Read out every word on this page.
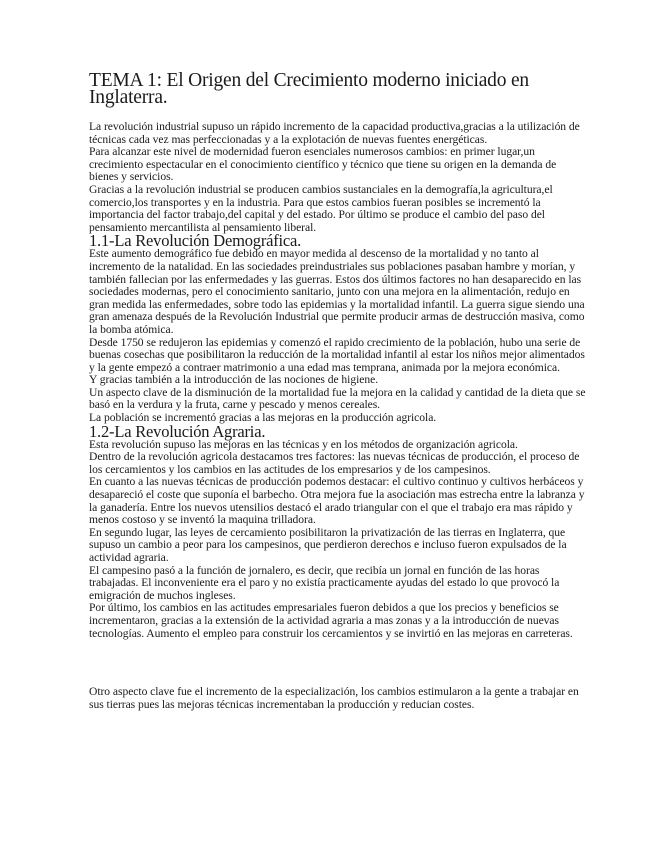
TEMA 1: El Origen del Crecimiento moderno iniciado en Inglaterra.

La revolución industrial supuso un rápido incremento de la capacidad productiva,gracias a la utilización de técnicas cada vez mas perfeccionadas y a la explotación de nuevas fuentes energéticas.

Para alcanzar este nivel de modernidad fueron esenciales numerosos cambios: en primer lugar,un crecimiento espectacular en el conocimiento científico y técnico que tiene su origen en la demanda de bienes y servicios.

Gracias a la revolución industrial se producen cambios sustanciales en la demografía,la agricultura,el comercio,los transportes y en la industria. Para que estos cambios fueran posibles se incrementó la importancia del factor trabajo,del capital y del estado. Por último se produce el cambio del paso del pensamiento mercantilista al pensamiento liberal.

1.1-La Revolución Demográfica.

Este aumento demográfico fue debido en mayor medida al descenso de la mortalidad y no tanto al incremento de la natalidad. En las sociedades preindustriales sus poblaciones pasaban hambre y morían, y también fallecian por las enfermedades y las guerras. Estos dos últimos factores no han desaparecido en las sociedades modernas, pero el conocimiento sanitario, junto con una mejora en la alimentación, redujo en gran medida las enfermedades, sobre todo las epidemias y la mortalidad infantil. La guerra sigue siendo una gran amenaza después de la Revolución Industrial que permite producir armas de destrucción masiva, como la bomba atómica.

Desde 1750 se redujeron las epidemias y comenzó el rapido crecimiento de la población, hubo una serie de buenas cosechas que posibilitaron la reducción de la mortalidad infantil al estar los niños mejor alimentados y la gente empezó a contraer matrimonio a una edad mas temprana, animada por la mejora económica.

Y gracias también a la introducción de las nociones de higiene.

Un aspecto clave de la disminución de la mortalidad fue la mejora en la calidad y cantidad de la dieta que se basó en la verdura y la fruta, carne y pescado y menos cereales.

La población se incrementó gracias a las mejoras en la producción agricola.

1.2-La Revolución Agraria.

Esta revolución supuso las mejoras en las técnicas y en los métodos de organización agricola.

Dentro de la revolución agricola destacamos tres factores: las nuevas técnicas de producción, el proceso de los cercamientos y los cambios en las actitudes de los empresarios y de los campesinos.

En cuanto a las nuevas técnicas de producción podemos destacar: el cultivo continuo y cultivos herbáceos y desapareció el coste que suponía el barbecho. Otra mejora fue la asociación mas estrecha entre la labranza y la ganadería. Entre los nuevos utensilios destacó el arado triangular con el que el trabajo era mas rápido y menos costoso y se inventó la maquina trilladora.

En segundo lugar, las leyes de cercamiento posibilitaron la privatización de las tierras en Inglaterra, que supuso un cambio a peor para los campesinos, que perdieron derechos e incluso fueron expulsados de la actividad agraria.

El campesino pasó a la función de jornalero, es decir, que recibía un jornal en función de las horas trabajadas. El inconveniente era el paro y no existía practicamente ayudas del estado lo que provocó la emigración de muchos ingleses.

Por último, los cambios en las actitudes empresariales fueron debidos a que los precios y beneficios se incrementaron, gracias a la extensión de la actividad agraria a mas zonas y a la introducción de nuevas tecnologías. Aumento el empleo para construir los cercamientos y se invirtió en las mejoras en carreteras.

Otro aspecto clave fue el incremento de la especialización, los cambios estimularon a la gente a trabajar en sus tierras pues las mejoras técnicas incrementaban la producción y reducian costes.
